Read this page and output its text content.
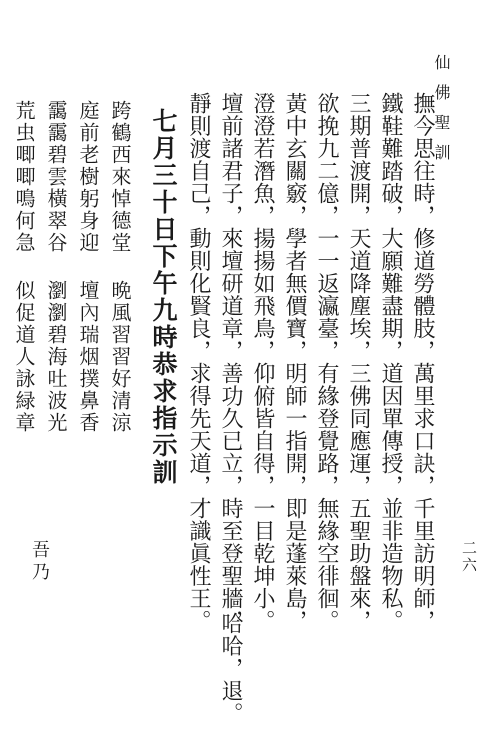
仙佛聖訓
二六
撫今思往時，修道勞體肢，萬里求口訣，千里訪明師，
鐵鞋難踏破，大願難盡期，道因單傳授，並非造物私。
三期普渡開，天道降塵埃，三佛同應運，五聖助盤來，
欲挽九二億，一一返瀛臺，有緣登覺路，無緣空徘徊。
黃中玄關竅，學者無價寶，明師一指開，即是蓬萊島，
澄澄若潛魚，揚揚如飛鳥，仰俯皆自得，一目乾坤小。
壇前諸君子，來壇研道章，善功久已立，時至登聖牆，
靜則渡自己，動則化賢良，求得先天道，才識眞性王。
哈哈，退。
七月三十日下午九時恭求指示訓
跨鶴西來悼德堂
晩風習習好清涼
庭前老樹躬身迎
壇內瑞烟撲鼻香
靄靄碧雲橫翠谷
瀏瀏碧海吐波光
荒虫唧唧鳴何急
似促道人詠緑章
吾乃
